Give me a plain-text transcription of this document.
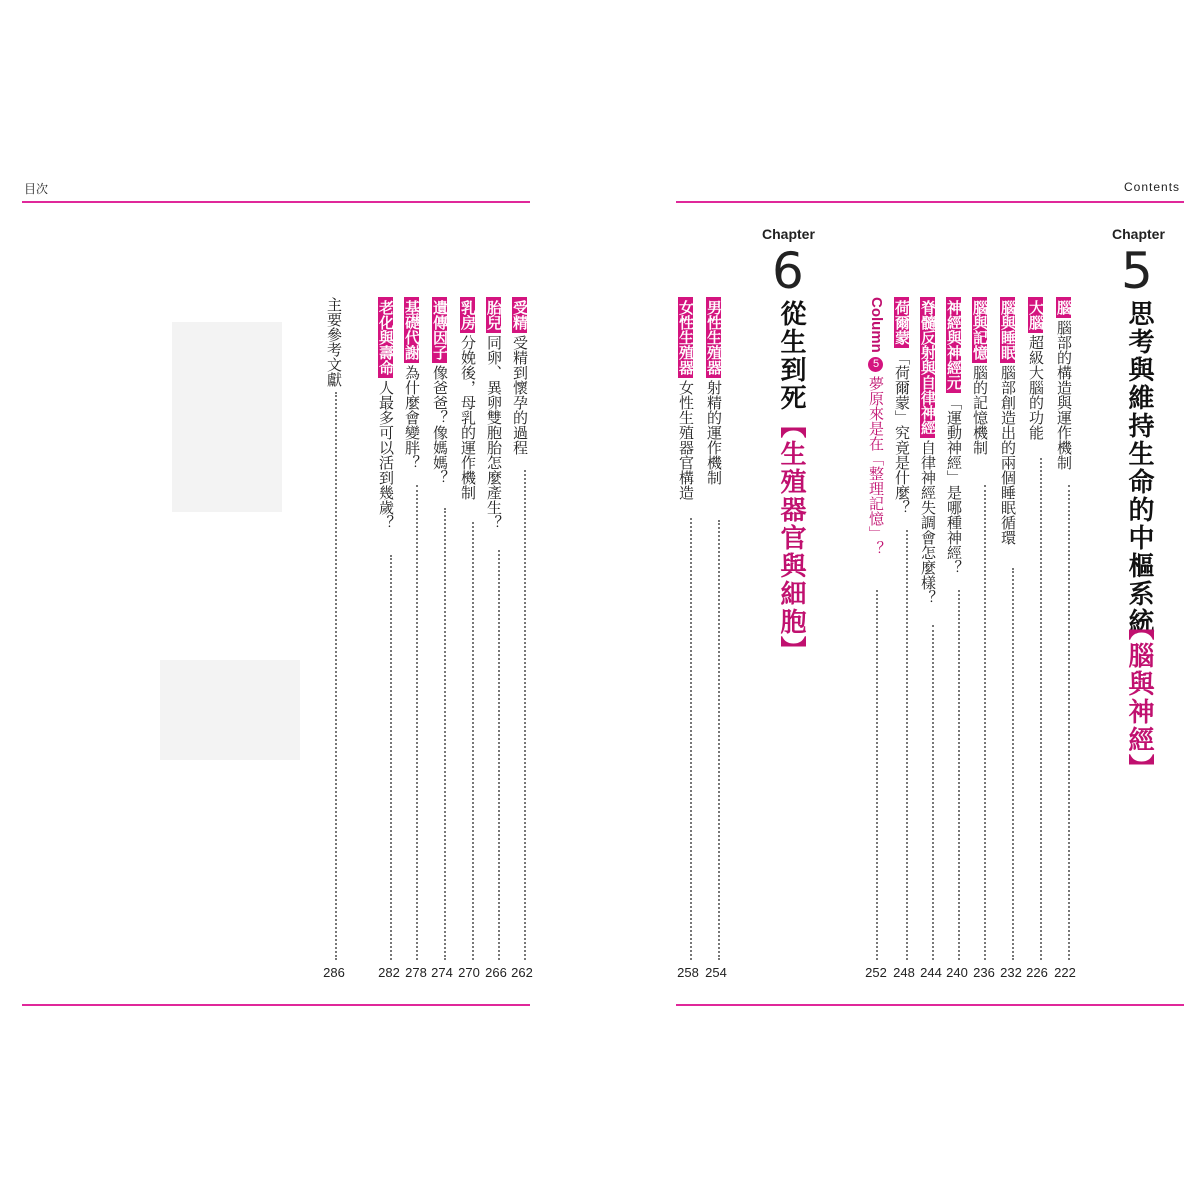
目次
受精受精到懷孕的過程
262
胎兒同卵、異卵雙胞胎怎麼產生？
266
乳房分娩後，母乳的運作機制
270
遺傳因子像爸爸？像媽媽？
274
基礎代謝為什麼會變胖？
278
老化與壽命人最多可以活到幾歲？
282
主要參考文獻
286
Contents
Chapter
6
從生到死
【生殖器官與細胞】
男性生殖器射精的運作機制
254
女性生殖器女性生殖器官構造
258
Chapter
5
思考與維持生命的中樞系統
【腦與神經】
腦腦部的構造與運作機制
222
大腦超級大腦的功能
226
腦與睡眠腦部創造出的兩個睡眠循環
232
腦與記憶腦的記憶機制
236
神經與神經元「運動神經」是哪種神經？
240
脊髓反射與自律神經自律神經失調會怎麼樣？
244
荷爾蒙「荷爾蒙」究竟是什麼？
248
Column5夢原來是在「整理記憶」？
252
